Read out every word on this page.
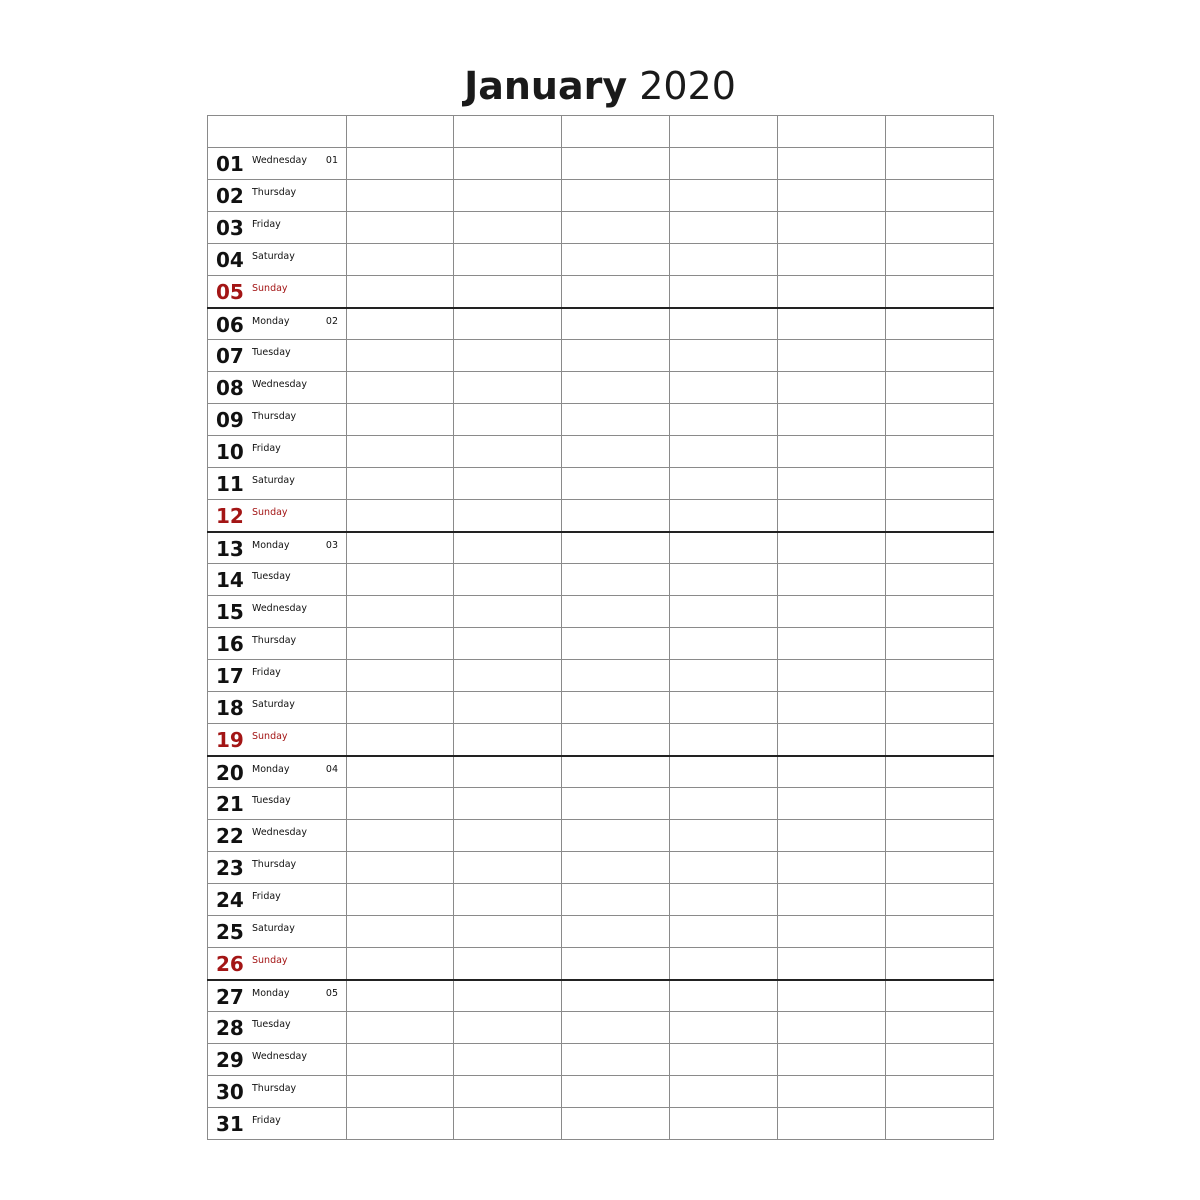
January 2020

01 Wednesday 01						

02 Thursday						

03 Friday						

04 Saturday						

05 Sunday						

06 Monday 02						

07 Tuesday						

08 Wednesday						

09 Thursday						

10 Friday						

11 Saturday						

12 Sunday						

13 Monday 03						

14 Tuesday						

15 Wednesday						

16 Thursday						

17 Friday						

18 Saturday						

19 Sunday						

20 Monday 04						

21 Tuesday						

22 Wednesday						

23 Thursday						

24 Friday						

25 Saturday						

26 Sunday						

27 Monday 05						

28 Tuesday						

29 Wednesday						

30 Thursday						

31 Friday						
